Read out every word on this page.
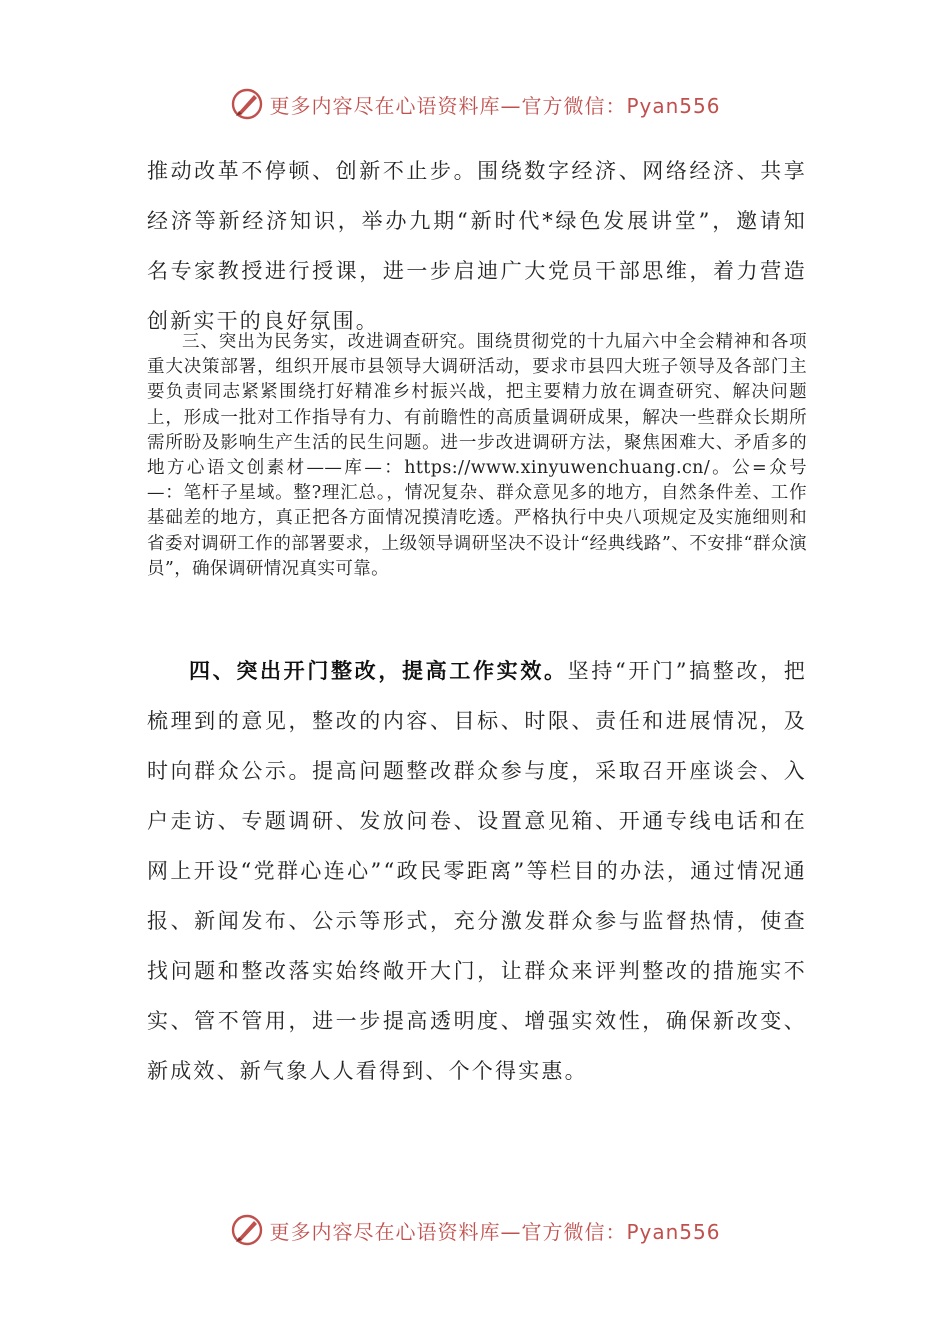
更多内容尽在心语资料库—官方微信：Pyan556

推动改革不停顿、创新不止步。围绕数字经济、网络经济、共享经济等新经济知识，举办九期“新时代*绿色发展讲堂”，邀请知名专家教授进行授课，进一步启迪广大党员干部思维，着力营造创新实干的良好氛围。

三、突出为民务实，改进调查研究。围绕贯彻党的十九届六中全会精神和各项重大决策部署，组织开展市县领导大调研活动，要求市县四大班子领导及各部门主要负责同志紧紧围绕打好精准乡村振兴战，把主要精力放在调查研究、解决问题上，形成一批对工作指导有力、有前瞻性的高质量调研成果，解决一些群众长期所需所盼及影响生产生活的民生问题。进一步改进调研方法，聚焦困难大、矛盾多的地方心语文创素材——库—：https://www.xinyuwenchuang.cn/。公=众号—：笔杆子星域。整?理汇总。，情况复杂、群众意见多的地方，自然条件差、工作基础差的地方，真正把各方面情况摸清吃透。严格执行中央八项规定及实施细则和省委对调研工作的部署要求，上级领导调研坚决不设计“经典线路”、不安排“群众演员”，确保调研情况真实可靠。

四、突出开门整改，提高工作实效。坚持“开门”搞整改，把梳理到的意见，整改的内容、目标、时限、责任和进展情况，及时向群众公示。提高问题整改群众参与度，采取召开座谈会、入户走访、专题调研、发放问卷、设置意见箱、开通专线电话和在网上开设“党群心连心”“政民零距离”等栏目的办法，通过情况通报、新闻发布、公示等形式，充分激发群众参与监督热情，使查找问题和整改落实始终敞开大门，让群众来评判整改的措施实不实、管不管用，进一步提高透明度、增强实效性，确保新改变、新成效、新气象人人看得到、个个得实惠。

更多内容尽在心语资料库—官方微信：Pyan556
